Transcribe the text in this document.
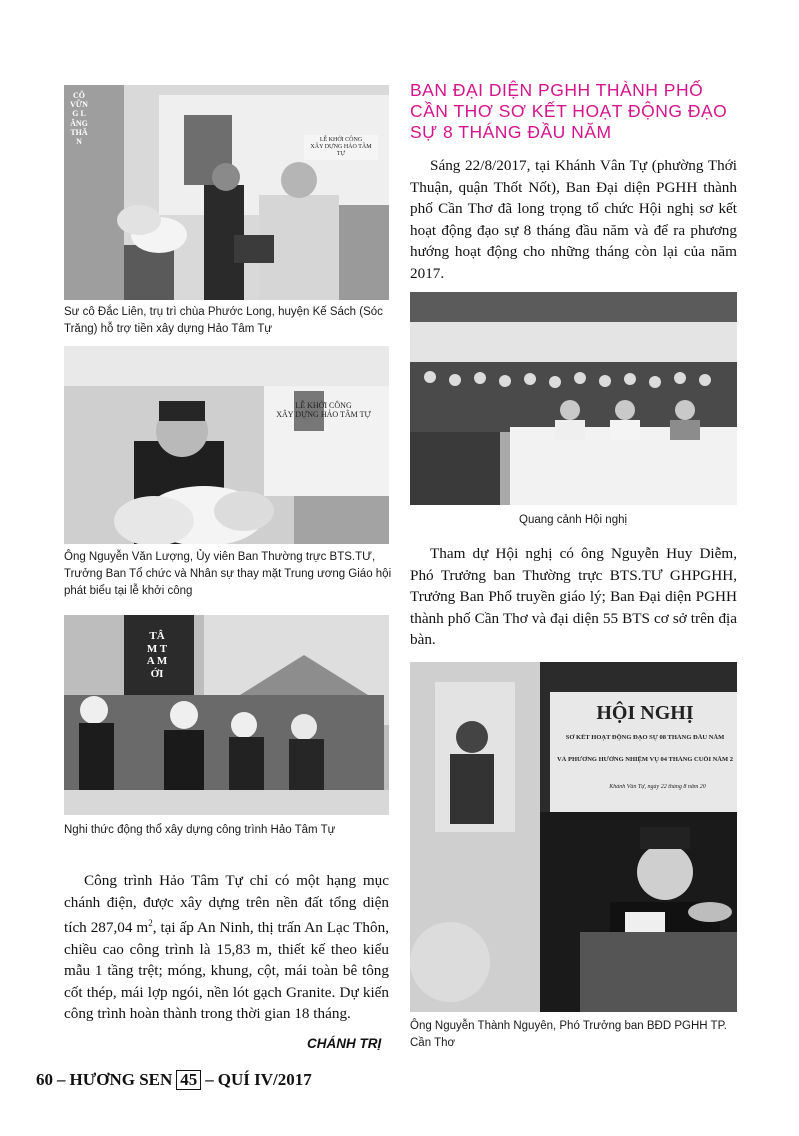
LỄ KHỞI CÔNG
XÂY DỰNG HẢO TÂM TỰ
CÔ VỮNG LĂNG THÂN
Sư cô Đắc Liên, trụ trì chùa Phước Long, huyện Kế Sách (Sóc Trăng) hỗ trợ tiền xây dựng Hảo Tâm Tự
LỄ KHỞI CÔNG
XÂY DỰNG HẢO TÂM TỰ
Ông Nguyễn Văn Lượng, Ủy viên Ban Thường trực BTS.TƯ, Trưởng Ban Tổ chức và Nhân sự thay mặt Trung ương Giáo hội phát biểu tại lễ khởi công
TÂM TA MỚI
Nghi thức động thổ xây dựng công trình Hảo Tâm Tự

Công trình Hảo Tâm Tự chỉ có một hạng mục chánh điện, được xây dựng trên nền đất tổng diện tích 287,04 $m^2$, tại ấp An Ninh, thị trấn An Lạc Thôn, chiều cao công trình là 15,83 m, thiết kế theo kiểu mẫu 1 tầng trệt; móng, khung, cột, mái toàn bê tông cốt thép, mái lợp ngói, nền lót gạch Granite. Dự kiến công trình hoàn thành trong thời gian 18 tháng.

CHÁNH TRỊ

60 – HƯƠNG SEN 45 – QUÍ IV/2017
BAN ĐẠI DIỆN PGHH THÀNH PHỐ CẦN THƠ SƠ KẾT HOẠT ĐỘNG ĐẠO SỰ 8 THÁNG ĐẦU NĂM

Sáng 22/8/2017, tại Khánh Vân Tự (phường Thới Thuận, quận Thốt Nốt), Ban Đại diện PGHH thành phố Cần Thơ đã long trọng tổ chức Hội nghị sơ kết hoạt động đạo sự 8 tháng đầu năm và để ra phương hướng hoạt động cho những tháng còn lại của năm 2017.

Quang cảnh Hội nghị

Tham dự Hội nghị có ông Nguyễn Huy Diễm, Phó Trưởng ban Thường trực BTS.TƯ GHPGHH, Trưởng Ban Phổ truyền giáo lý; Ban Đại diện PGHH thành phố Cần Thơ và đại diện 55 BTS cơ sở trên địa bàn.

HỘI NGHỊ
SƠ KẾT HOẠT ĐỘNG ĐẠO SỰ 08 THÁNG ĐẦU NĂM
VÀ PHƯƠNG HƯỚNG NHIỆM VỤ 04 THÁNG CUỐI NĂM 2
Khánh Vân Tự, ngày 22 tháng 8 năm 20
Ông Nguyễn Thành Nguyên, Phó Trưởng ban BĐD PGHH TP. Cần Thơ
